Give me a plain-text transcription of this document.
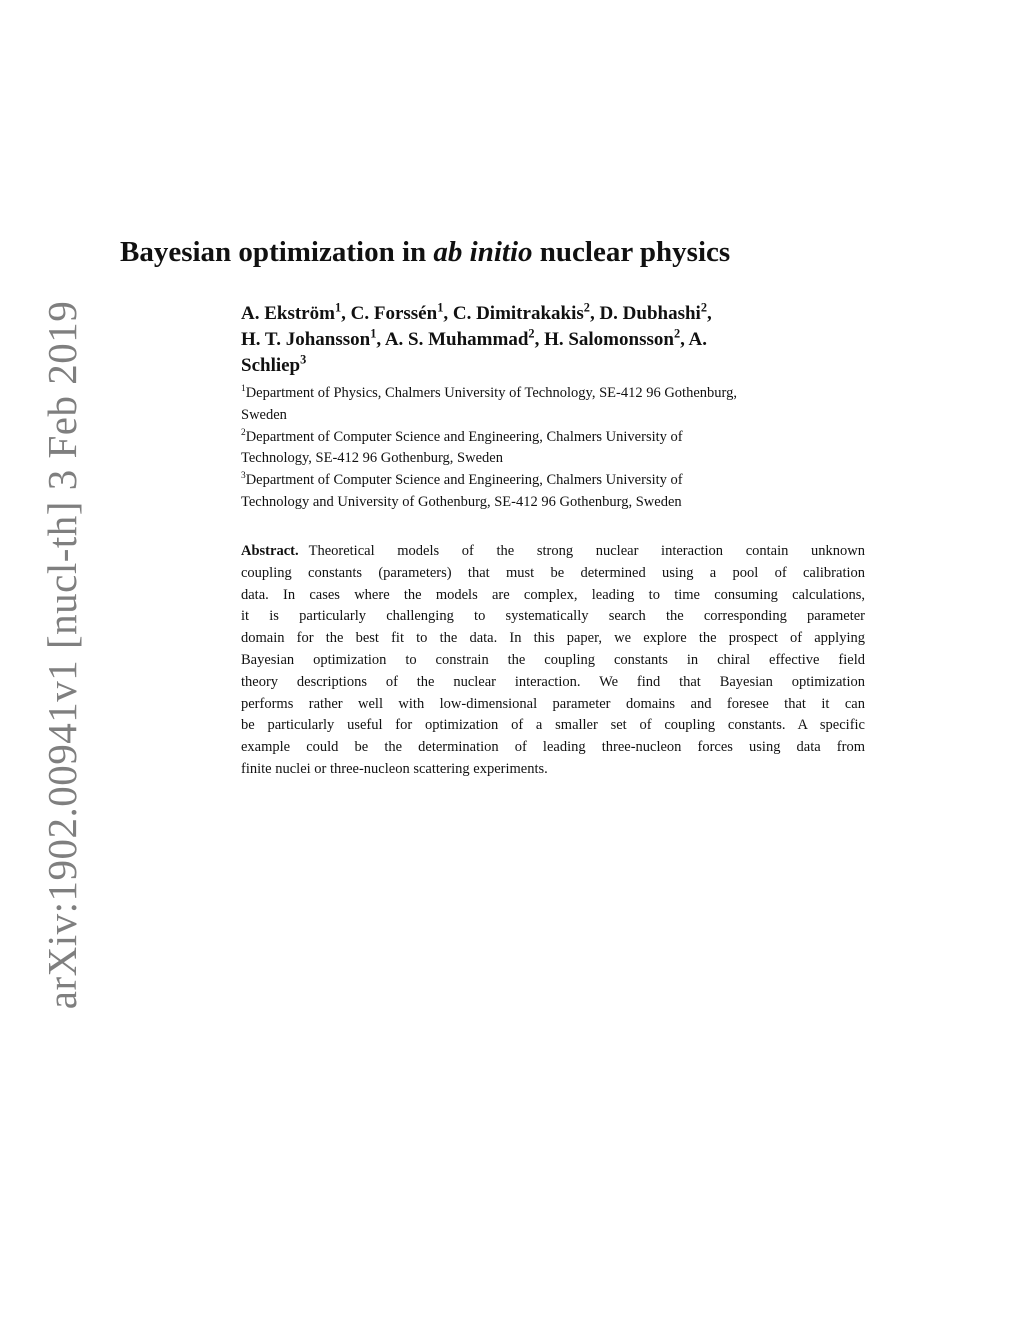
arXiv:1902.00941v1 [nucl-th] 3 Feb 2019
Bayesian optimization in ab initio nuclear physics
A. Ekström$^1$, C. Forssén$^1$, C. Dimitrakakis$^2$, D. Dubhashi$^2$,
H. T. Johansson$^1$, A. S. Muhammad$^2$, H. Salomonsson$^2$, A.
Schliep$^3$
$^1$Department of Physics, Chalmers University of Technology, SE-412 96 Gothenburg,
Sweden
$^2$Department of Computer Science and Engineering, Chalmers University of
Technology, SE-412 96 Gothenburg, Sweden
$^3$Department of Computer Science and Engineering, Chalmers University of
Technology and University of Gothenburg, SE-412 96 Gothenburg, Sweden
Abstract. Theoretical models of the strong nuclear interaction contain unknown
coupling constants (parameters) that must be determined using a pool of calibration
data. In cases where the models are complex, leading to time consuming calculations,
it is particularly challenging to systematically search the corresponding parameter
domain for the best fit to the data. In this paper, we explore the prospect of applying
Bayesian optimization to constrain the coupling constants in chiral effective field
theory descriptions of the nuclear interaction. We find that Bayesian optimization
performs rather well with low-dimensional parameter domains and foresee that it can
be particularly useful for optimization of a smaller set of coupling constants. A specific
example could be the determination of leading three-nucleon forces using data from
finite nuclei or three-nucleon scattering experiments.
